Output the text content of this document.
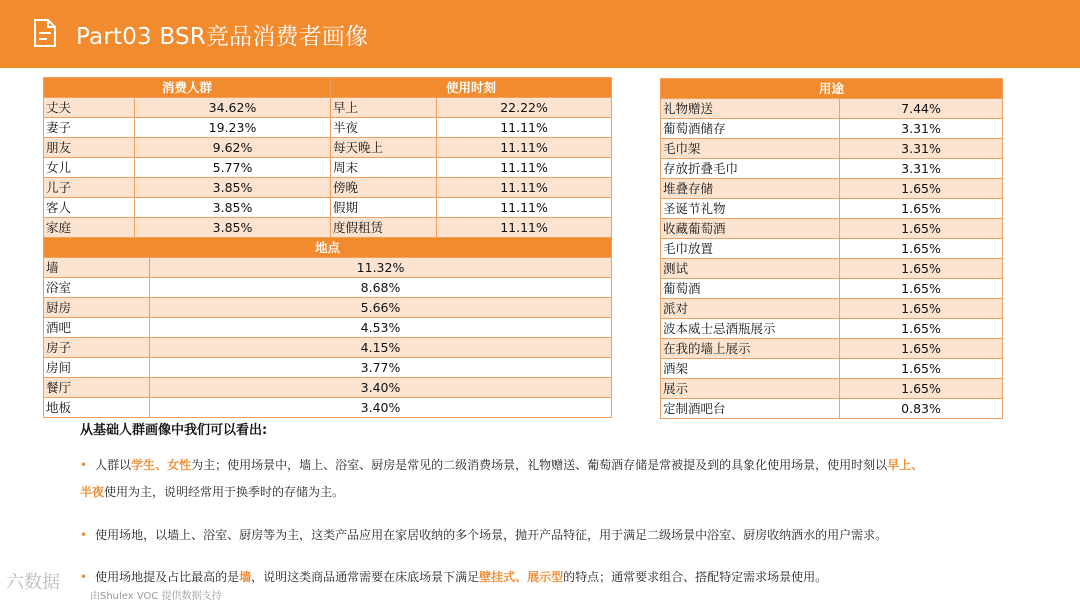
Part03 BSR竞品消费者画像
消费人群		使用时刻	
丈夫	34.62%	早上	22.22%
妻子	19.23%	半夜	11.11%
朋友	9.62%	每天晚上	11.11%
女儿	5.77%	周末	11.11%
儿子	3.85%	傍晚	11.11%
客人	3.85%	假期	11.11%
家庭	3.85%	度假租赁	11.11%
地点	
墙	11.32%
浴室	8.68%
厨房	5.66%
酒吧	4.53%
房子	4.15%
房间	3.77%
餐厅	3.40%
地板	3.40%
用途	
礼物赠送	7.44%
葡萄酒储存	3.31%
毛巾架	3.31%
存放折叠毛巾	3.31%
堆叠存储	1.65%
圣诞节礼物	1.65%
收藏葡萄酒	1.65%
毛巾放置	1.65%
测试	1.65%
葡萄酒	1.65%
派对	1.65%
波本威士忌酒瓶展示	1.65%
在我的墙上展示	1.65%
酒架	1.65%
展示	1.65%
定制酒吧台	0.83%
从基础人群画像中我们可以看出:
• 人群以学生、女性为主；使用场景中，墙上、浴室、厨房是常见的二级消费场景，礼物赠送、葡萄酒存储是常被提及到的具象化使用场景，使用时刻以早上、
半夜使用为主，说明经常用于换季时的存储为主。
• 使用场地，以墙上、浴室、厨房等为主，这类产品应用在家居收纳的多个场景，抛开产品特征，用于满足二级场景中浴室、厨房收纳酒水的用户需求。
• 使用场地提及占比最高的是墙，说明这类商品通常需要在床底场景下满足壁挂式、展示型的特点；通常要求组合、搭配特定需求场景使用。
六数据
由Shulex VOC 提供数据支持
